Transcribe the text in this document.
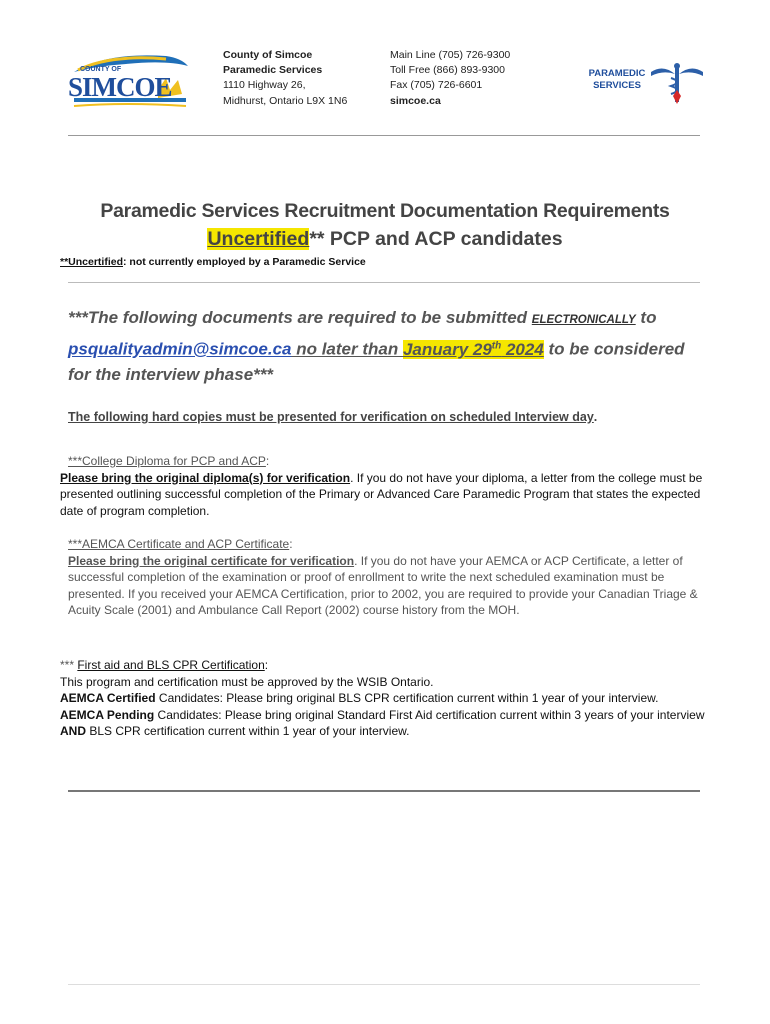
COUNTY OF
SIMCOE
County of Simcoe
Paramedic Services
1110 Highway 26,
Midhurst, Ontario L9X 1N6
Main Line (705) 726-9300
Toll Free (866) 893-9300
Fax (705) 726-6601
simcoe.ca
PARAMEDIC
SERVICES
Paramedic Services Recruitment Documentation Requirements
Uncertified** PCP and ACP candidates
**Uncertified: not currently employed by a Paramedic Service
***The following documents are required to be submitted ELECTRONICALLY to
psqualityadmin@simcoe.ca no later than January 29th 2024 to be considered for the interview phase***
The following hard copies must be presented for verification on scheduled Interview day.
***College Diploma for PCP and ACP:
Please bring the original diploma(s) for verification. If you do not have your diploma, a letter from the college must be presented outlining successful completion of the Primary or Advanced Care Paramedic Program that states the expected date of program completion.
***AEMCA Certificate and ACP Certificate:
Please bring the original certificate for verification. If you do not have your AEMCA or ACP Certificate, a letter of successful completion of the examination or proof of enrollment to write the next scheduled examination must be presented. If you received your AEMCA Certification, prior to 2002, you are required to provide your Canadian Triage & Acuity Scale (2001) and Ambulance Call Report (2002) course history from the MOH.
*** First aid and BLS CPR Certification:
This program and certification must be approved by the WSIB Ontario.
AEMCA Certified Candidates: Please bring original BLS CPR certification current within 1 year of your interview.
AEMCA Pending Candidates: Please bring original Standard First Aid certification current within 3 years of your interview AND BLS CPR certification current within 1 year of your interview.
